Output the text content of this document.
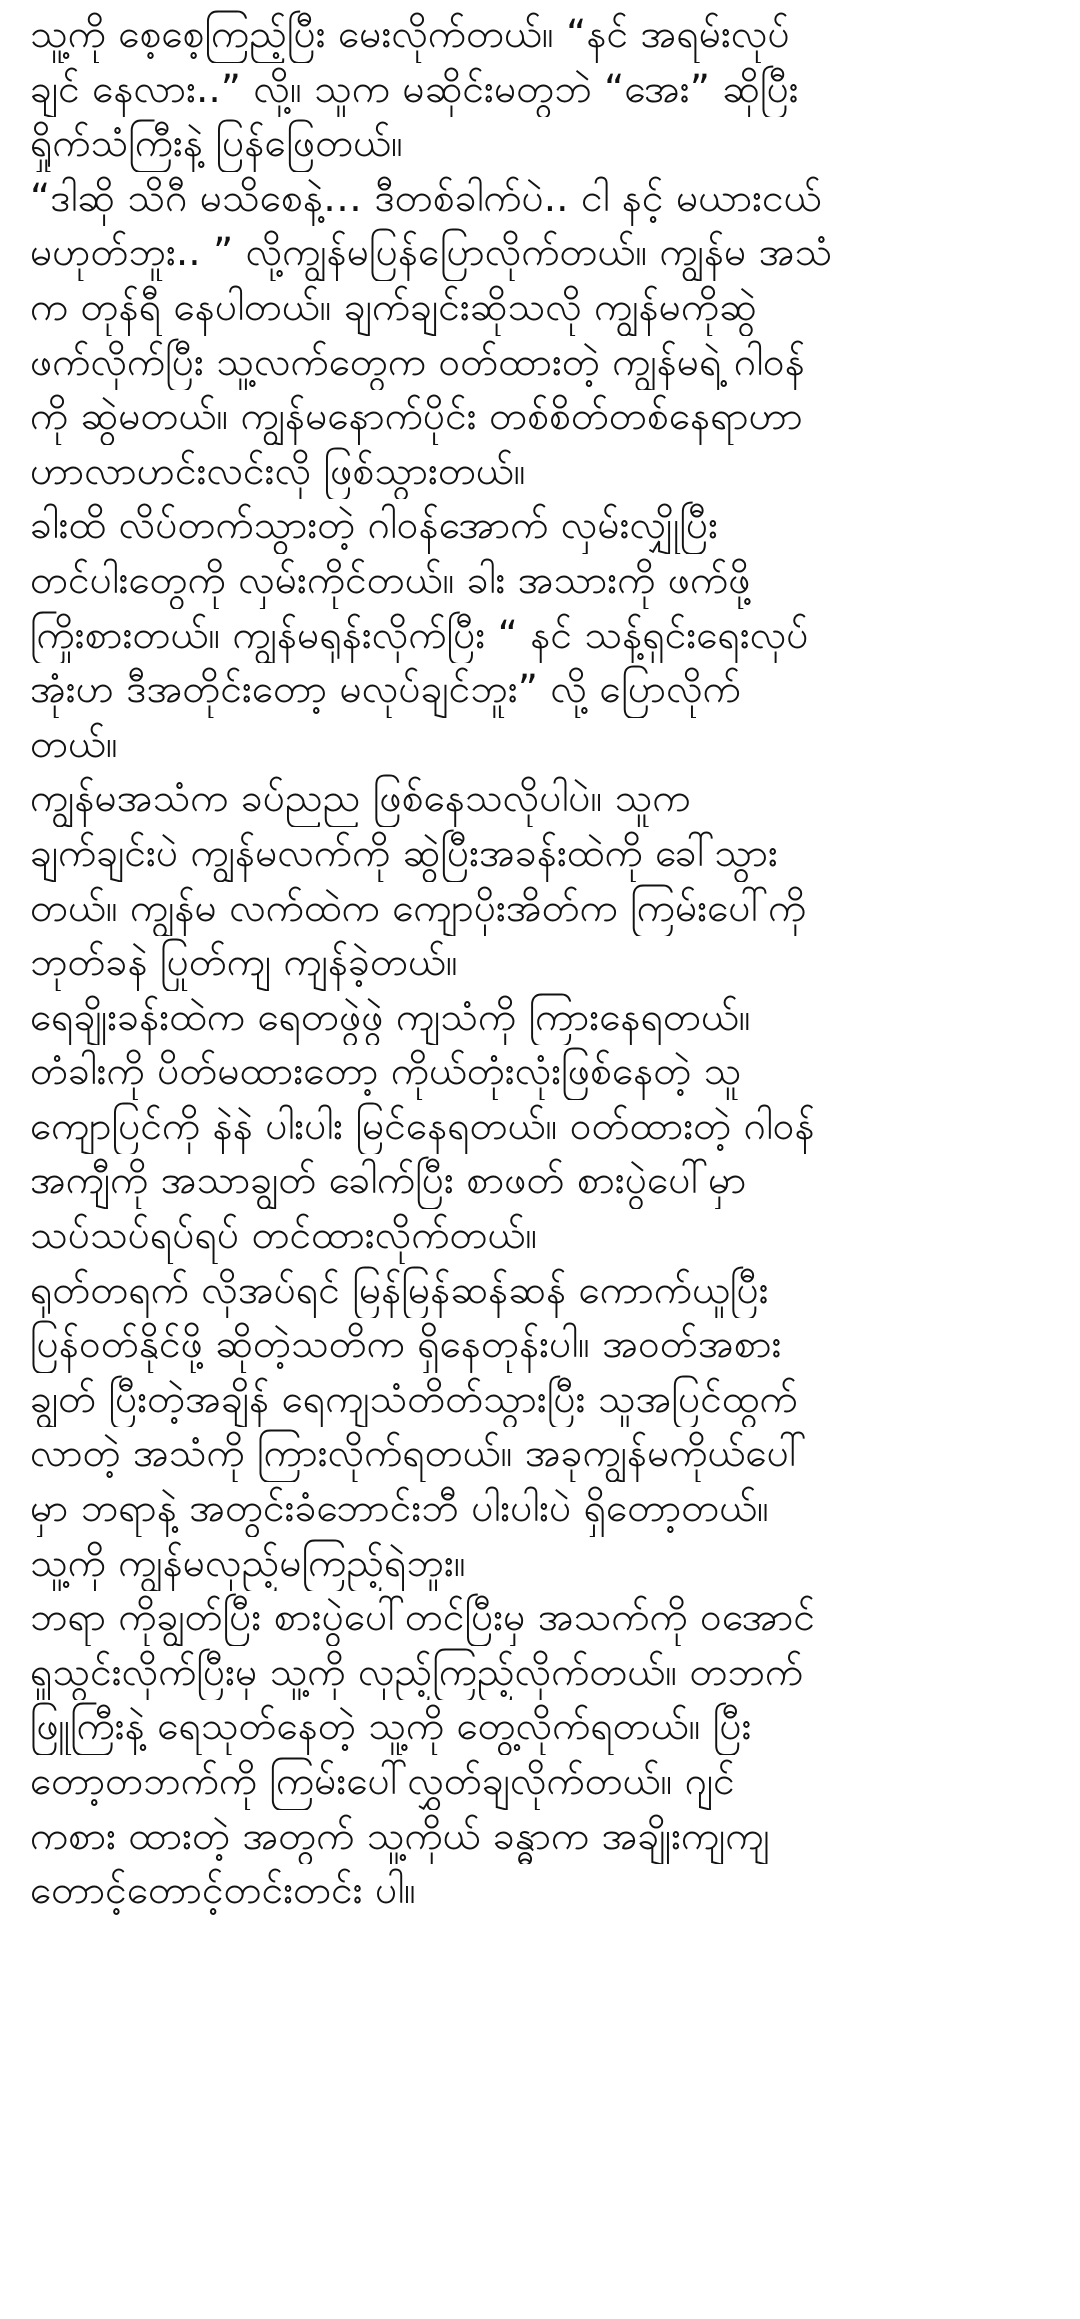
သူ့ကို စေ့စေ့ကြည့်ပြီး မေးလိုက်တယ်။ “နင် အရမ်းလုပ်
ချင် နေလား..” လို့။ သူက မဆိုင်းမတွဘဲ “အေး” ဆိုပြီး
ရှိုက်သံကြီးနဲ့ ပြန်ဖြေတယ်။
“ဒါဆို သိဂီ မသိစေနဲ့… ဒီတစ်ခါက်ပဲ.. ငါ နင့် မယားငယ်
မဟုတ်ဘူး.. ” လို့ကျွန်မပြန်ပြောလိုက်တယ်။ ကျွန်မ အသံ
က တုန်ရီ နေပါတယ်။ ချက်ချင်းဆိုသလို ကျွန်မကိုဆွဲ
ဖက်လိုက်ပြီး သူ့လက်တွေက ဝတ်ထားတဲ့ ကျွန်မရဲ့ ဂါဝန်
ကို ဆွဲမတယ်။ ကျွန်မနောက်ပိုင်း တစ်စိတ်တစ်နေရာဟာ
ဟာလာဟင်းလင်းလို ဖြစ်သွားတယ်။
ခါးထိ လိပ်တက်သွားတဲ့ ဂါဝန်အောက် လှမ်းလျှိုပြီး
တင်ပါးတွေကို လှမ်းကိုင်တယ်။ ခါး အသားကို ဖက်ဖို့
ကြိုးစားတယ်။ ကျွန်မရုန်းလိုက်ပြီး “ နင် သန့်ရှင်းရေးလုပ်
အုံးဟ ဒီအတိုင်းတော့ မလုပ်ချင်ဘူး” လို့ ပြောလိုက်
တယ်။
ကျွန်မအသံက ခပ်ညည ဖြစ်နေသလိုပါပဲ။ သူက
ချက်ချင်းပဲ ကျွန်မလက်ကို ဆွဲပြီးအခန်းထဲကို ခေါ်သွား
တယ်။ ကျွန်မ လက်ထဲက ကျောပိုးအိတ်က ကြမ်းပေါ်ကို
ဘုတ်ခနဲ ပြုတ်ကျ ကျန်ခဲ့တယ်။
ရေချိုးခန်းထဲက ရေတဖွဲဖွဲ ကျသံကို ကြားနေရတယ်။
တံခါးကို ပိတ်မထားတော့ ကိုယ်တုံးလုံးဖြစ်နေတဲ့ သူ
ကျောပြင်ကို နဲနဲ ပါးပါး မြင်နေရတယ်။ ဝတ်ထားတဲ့ ဂါဝန်
အကျီကို အသာချွတ် ခေါက်ပြီး စာဖတ် စားပွဲပေါ်မှာ
သပ်သပ်ရပ်ရပ် တင်ထားလိုက်တယ်။
ရုတ်တရက် လိုအပ်ရင် မြန်မြန်ဆန်ဆန် ကောက်ယူပြီး
ပြန်ဝတ်နိုင်ဖို့ ဆိုတဲ့သတိက ရှိနေတုန်းပါ။ အဝတ်အစား
ချွတ် ပြီးတဲ့အချိန် ရေကျသံတိတ်သွားပြီး သူအပြင်ထွက်
လာတဲ့ အသံကို ကြားလိုက်ရတယ်။ အခုကျွန်မကိုယ်ပေါ်
မှာ ဘရာနဲ့ အတွင်းခံဘောင်းဘီ ပါးပါးပဲ ရှိတော့တယ်။
သူ့ကို ကျွန်မလှည့်မကြည့်ရဲဘူး။
ဘရာ ကိုချွတ်ပြီး စားပွဲပေါ်တင်ပြီးမှ အသက်ကို ဝအောင်
ရှူသွင်းလိုက်ပြီးမှ သူ့ကို လှည့်ကြည့်လိုက်တယ်။ တဘက်
ဖြူကြီးနဲ့ ရေသုတ်နေတဲ့ သူ့ကို တွေ့လိုက်ရတယ်။ ပြီး
တော့တဘက်ကို ကြမ်းပေါ်လွှတ်ချလိုက်တယ်။ ဂျင်
ကစား ထားတဲ့ အတွက် သူ့ကိုယ် ခန္ဓာက အချိုးကျကျ
တောင့်တောင့်တင်းတင်း ပါ။
